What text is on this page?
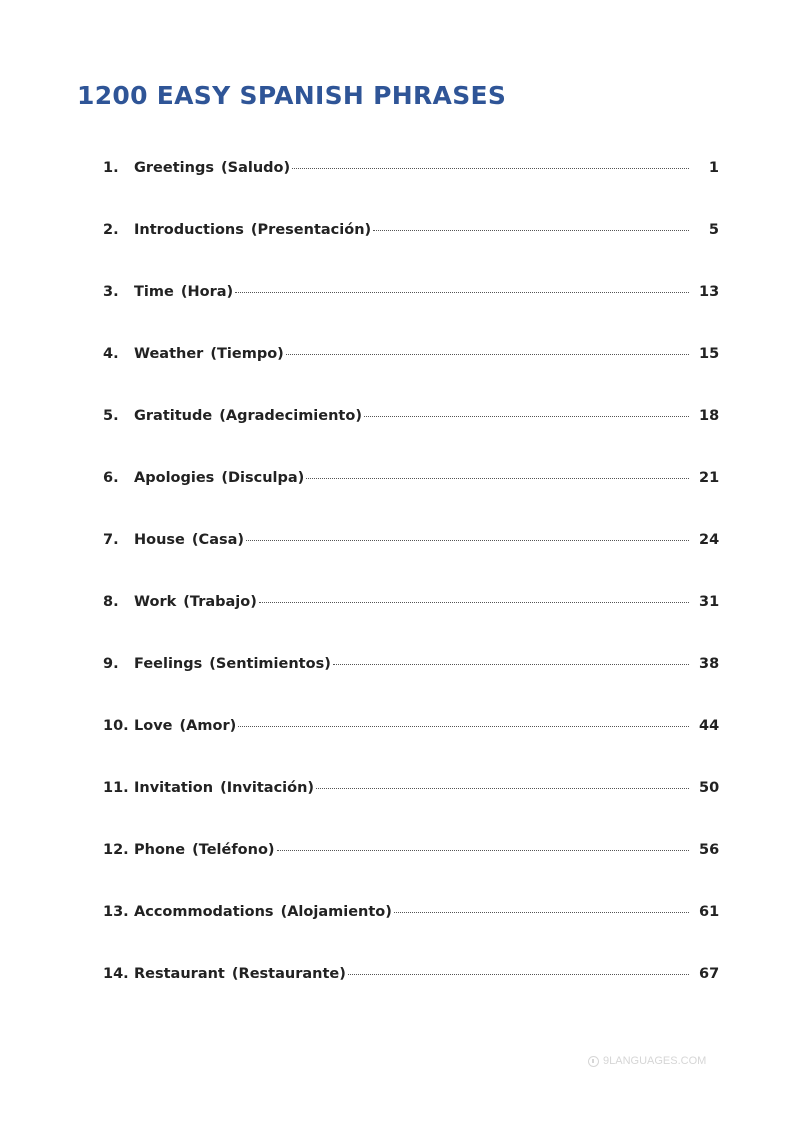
1200 EASY SPANISH PHRASES
1.	Greetings (Saludo)	1
2.	Introductions (Presentación)	5
3.	Time (Hora)	13
4.	Weather (Tiempo)	15
5.	Gratitude (Agradecimiento)	18
6.	Apologies (Disculpa)	21
7.	House (Casa)	24
8.	Work (Trabajo)	31
9.	Feelings (Sentimientos)	38
10. Love (Amor)	44
11. Invitation (Invitación)	50
12. Phone (Teléfono)	56
13. Accommodations (Alojamiento)	61
14. Restaurant (Restaurante)	67
9LANGUAGES.COM
